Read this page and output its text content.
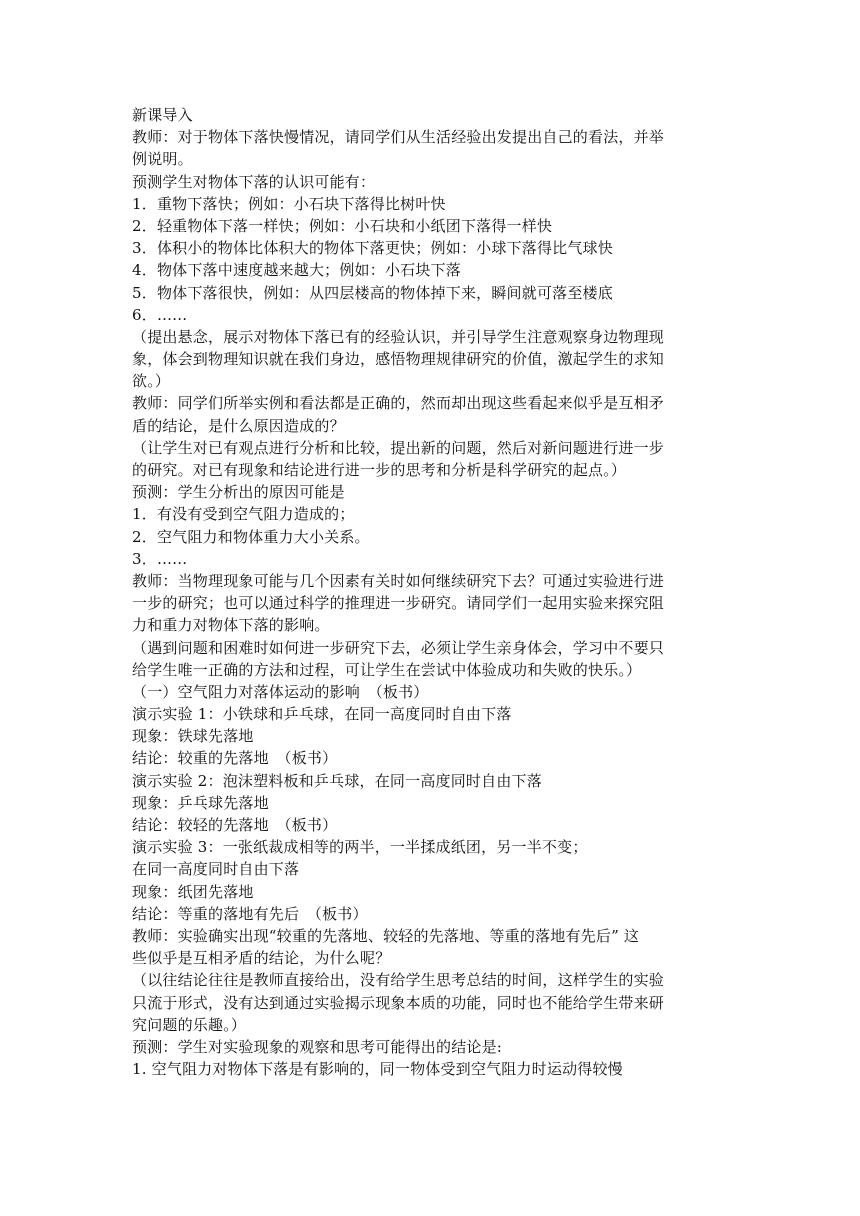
新课导入
教师：对于物体下落快慢情况，请同学们从生活经验出发提出自己的看法，并举
例说明。
预测学生对物体下落的认识可能有：
1．重物下落快；例如：小石块下落得比树叶快
2．轻重物体下落一样快；例如：小石块和小纸团下落得一样快
3．体积小的物体比体积大的物体下落更快；例如：小球下落得比气球快
4．物体下落中速度越来越大；例如：小石块下落
5．物体下落很快，例如：从四层楼高的物体掉下来，瞬间就可落至楼底
6．……
（提出悬念，展示对物体下落已有的经验认识，并引导学生注意观察身边物理现
象，体会到物理知识就在我们身边，感悟物理规律研究的价值，激起学生的求知
欲。）
教师：同学们所举实例和看法都是正确的，然而却出现这些看起来似乎是互相矛
盾的结论，是什么原因造成的？
（让学生对已有观点进行分析和比较，提出新的问题，然后对新问题进行进一步
的研究。对已有现象和结论进行进一步的思考和分析是科学研究的起点。）
预测：学生分析出的原因可能是
1．有没有受到空气阻力造成的；
2．空气阻力和物体重力大小关系。
3．……
教师：当物理现象可能与几个因素有关时如何继续研究下去？可通过实验进行进
一步的研究；也可以通过科学的推理进一步研究。请同学们一起用实验来探究阻
力和重力对物体下落的影响。
（遇到问题和困难时如何进一步研究下去，必须让学生亲身体会，学习中不要只
给学生唯一正确的方法和过程，可让学生在尝试中体验成功和失败的快乐。）
（一）空气阻力对落体运动的影响　（板书）
演示实验 1：小铁球和乒乓球，在同一高度同时自由下落
现象：铁球先落地
结论：较重的先落地　（板书）
演示实验 2：泡沫塑料板和乒乓球，在同一高度同时自由下落
现象：乒乓球先落地
结论：较轻的先落地　（板书）
演示实验 3：一张纸裁成相等的两半，一半揉成纸团，另一半不变；
在同一高度同时自由下落
现象：纸团先落地
结论：等重的落地有先后　（板书）
教师：实验确实出现“较重的先落地、较轻的先落地、等重的落地有先后” 这
些似乎是互相矛盾的结论，为什么呢？
（以往结论往往是教师直接给出，没有给学生思考总结的时间，这样学生的实验
只流于形式，没有达到通过实验揭示现象本质的功能，同时也不能给学生带来研
究问题的乐趣。）
预测：学生对实验现象的观察和思考可能得出的结论是:
1. 空气阻力对物体下落是有影响的，同一物体受到空气阻力时运动得较慢
